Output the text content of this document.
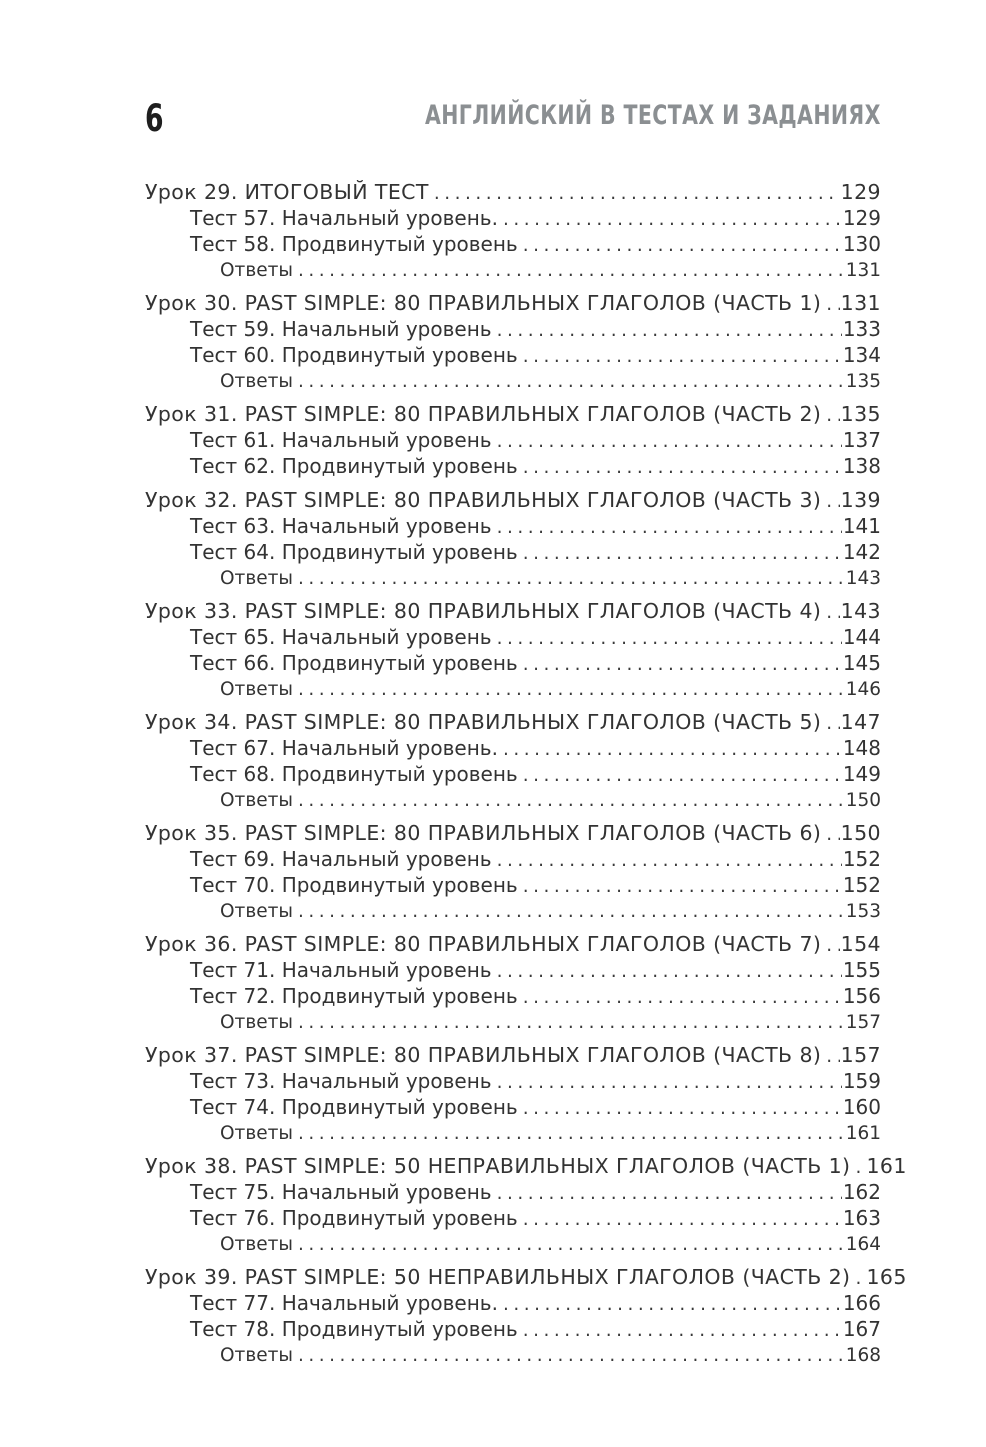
6	АНГЛИЙСКИЙ В ТЕСТАХ И ЗАДАНИЯХ
Урок 29. ИТОГОВЫЙ ТЕСТ .....	129
Тест 57. Начальный уровень. .....	129
Тест 58. Продвинутый уровень .....	130
Ответы .....	131
Урок 30. PAST SIMPLE: 80 ПРАВИЛЬНЫХ ГЛАГОЛОВ (ЧАСТЬ 1) ..... 131
Тест 59. Начальный уровень .....	133
Тест 60. Продвинутый уровень .....	134
Ответы .....	135
Урок 31. PAST SIMPLE: 80 ПРАВИЛЬНЫХ ГЛАГОЛОВ (ЧАСТЬ 2) ..... 135
Тест 61. Начальный уровень .....	137
Тест 62. Продвинутый уровень .....	138
Урок 32. PAST SIMPLE: 80 ПРАВИЛЬНЫХ ГЛАГОЛОВ (ЧАСТЬ 3) ..... 139
Тест 63. Начальный уровень .....	141
Тест 64. Продвинутый уровень .....	142
Ответы .....	143
Урок 33. PAST SIMPLE: 80 ПРАВИЛЬНЫХ ГЛАГОЛОВ (ЧАСТЬ 4) ..... 143
Тест 65. Начальный уровень .....	144
Тест 66. Продвинутый уровень .....	145
Ответы .....	146
Урок 34. PAST SIMPLE: 80 ПРАВИЛЬНЫХ ГЛАГОЛОВ (ЧАСТЬ 5) ..... 147
Тест 67. Начальный уровень. .....	148
Тест 68. Продвинутый уровень .....	149
Ответы .....	150
Урок 35. PAST SIMPLE: 80 ПРАВИЛЬНЫХ ГЛАГОЛОВ (ЧАСТЬ 6) ..... 150
Тест 69. Начальный уровень .....	152
Тест 70. Продвинутый уровень .....	152
Ответы .....	153
Урок 36. PAST SIMPLE: 80 ПРАВИЛЬНЫХ ГЛАГОЛОВ (ЧАСТЬ 7) ..... 154
Тест 71. Начальный уровень .....	155
Тест 72. Продвинутый уровень .....	156
Ответы .....	157
Урок 37. PAST SIMPLE: 80 ПРАВИЛЬНЫХ ГЛАГОЛОВ (ЧАСТЬ 8) ..... 157
Тест 73. Начальный уровень .....	159
Тест 74. Продвинутый уровень .....	160
Ответы .....	161
Урок 38. PAST SIMPLE: 50 НЕПРАВИЛЬНЫХ ГЛАГОЛОВ (ЧАСТЬ 1) ..... 161
Тест 75. Начальный уровень .....	162
Тест 76. Продвинутый уровень .....	163
Ответы .....	164
Урок 39. PAST SIMPLE: 50 НЕПРАВИЛЬНЫХ ГЛАГОЛОВ (ЧАСТЬ 2) ..... 165
Тест 77. Начальный уровень. .....	166
Тест 78. Продвинутый уровень .....	167
Ответы .....	168
